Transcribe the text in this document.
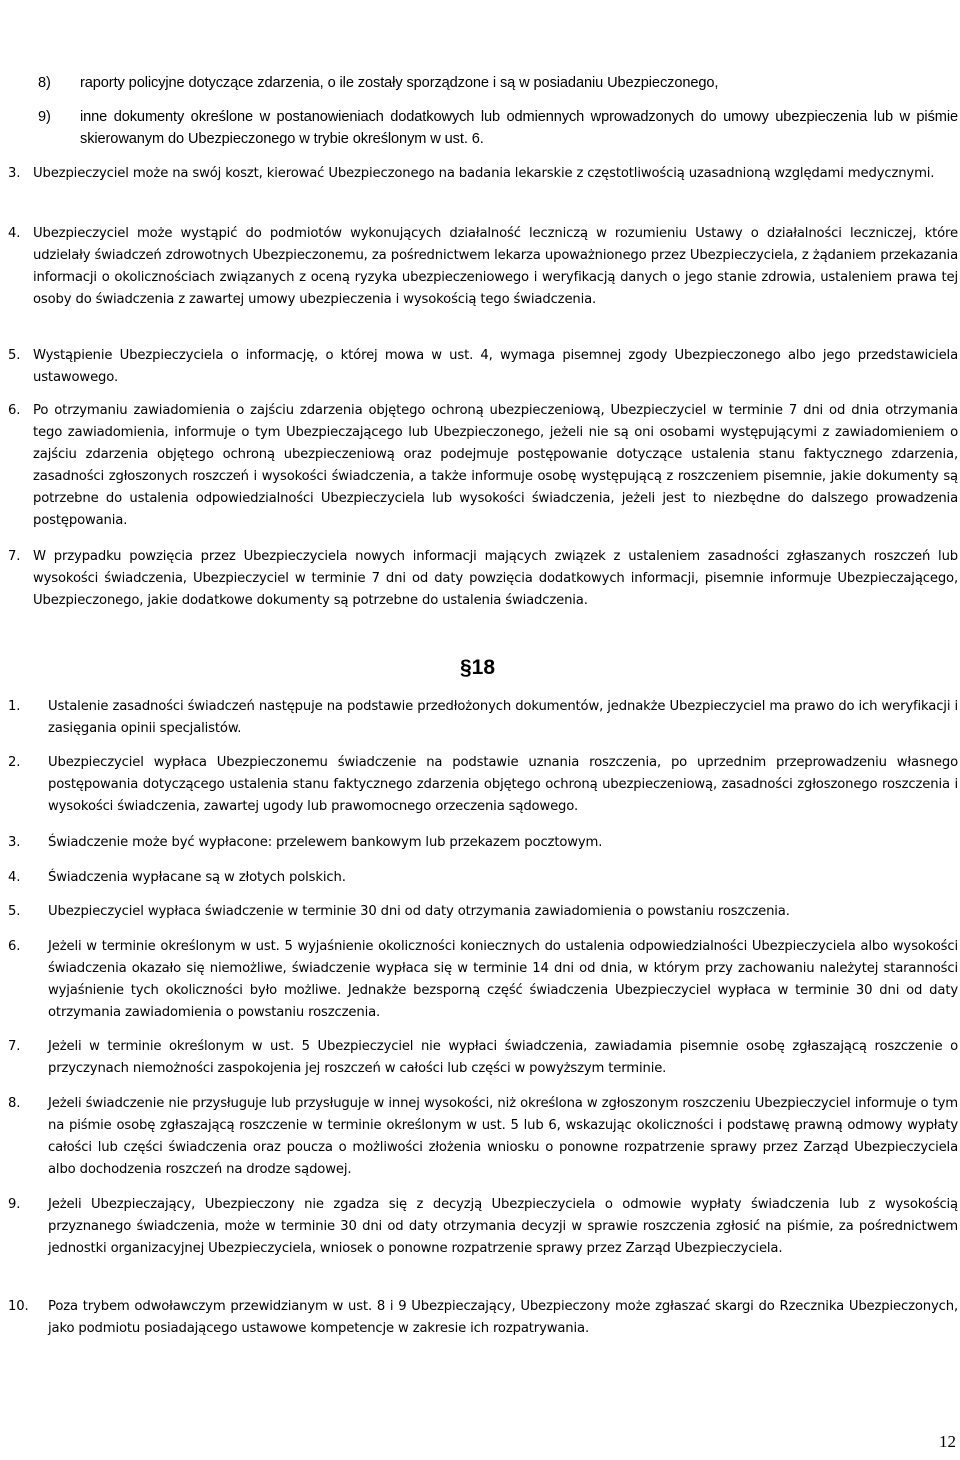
8) raporty policyjne dotyczące zdarzenia, o ile zostały sporządzone i są w posiadaniu Ubezpieczonego,
9) inne dokumenty określone w postanowieniach dodatkowych lub odmiennych wprowadzonych do umowy ubezpieczenia lub w piśmie skierowanym do Ubezpieczonego w trybie określonym w ust. 6.
3. Ubezpieczyciel może na swój koszt, kierować Ubezpieczonego na badania lekarskie z częstotliwością uzasadnioną względami medycznymi.
4. Ubezpieczyciel może wystąpić do podmiotów wykonujących działalność leczniczą w rozumieniu Ustawy o działalności leczniczej, które udzielały świadczeń zdrowotnych Ubezpieczonemu, za pośrednictwem lekarza upoważnionego przez Ubezpieczyciela, z żądaniem przekazania informacji o okolicznościach związanych z oceną ryzyka ubezpieczeniowego i weryfikacją danych o jego stanie zdrowia, ustaleniem prawa tej osoby do świadczenia z zawartej umowy ubezpieczenia i wysokością tego świadczenia.
5. Wystąpienie Ubezpieczyciela o informację, o której mowa w ust. 4, wymaga pisemnej zgody Ubezpieczonego albo jego przedstawiciela ustawowego.
6. Po otrzymaniu zawiadomienia o zajściu zdarzenia objętego ochroną ubezpieczeniową, Ubezpieczyciel w terminie 7 dni od dnia otrzymania tego zawiadomienia, informuje o tym Ubezpieczającego lub Ubezpieczonego, jeżeli nie są oni osobami występującymi z zawiadomieniem o zajściu zdarzenia objętego ochroną ubezpieczeniową oraz podejmuje postępowanie dotyczące ustalenia stanu faktycznego zdarzenia, zasadności zgłoszonych roszczeń i wysokości świadczenia, a także informuje osobę występującą z roszczeniem pisemnie, jakie dokumenty są potrzebne do ustalenia odpowiedzialności Ubezpieczyciela lub wysokości świadczenia, jeżeli jest to niezbędne do dalszego prowadzenia postępowania.
7. W przypadku powzięcia przez Ubezpieczyciela nowych informacji mających związek z ustaleniem zasadności zgłaszanych roszczeń lub wysokości świadczenia, Ubezpieczyciel w terminie 7 dni od daty powzięcia dodatkowych informacji, pisemnie informuje Ubezpieczającego, Ubezpieczonego, jakie dodatkowe dokumenty są potrzebne do ustalenia świadczenia.
§18
1. Ustalenie zasadności świadczeń następuje na podstawie przedłożonych dokumentów, jednakże Ubezpieczyciel ma prawo do ich weryfikacji i zasięgania opinii specjalistów.
2. Ubezpieczyciel wypłaca Ubezpieczonemu świadczenie na podstawie uznania roszczenia, po uprzednim przeprowadzeniu własnego postępowania dotyczącego ustalenia stanu faktycznego zdarzenia objętego ochroną ubezpieczeniową, zasadności zgłoszonego roszczenia i wysokości świadczenia, zawartej ugody lub prawomocnego orzeczenia sądowego.
3. Świadczenie może być wypłacone: przelewem bankowym lub przekazem pocztowym.
4. Świadczenia wypłacane są w złotych polskich.
5. Ubezpieczyciel wypłaca świadczenie w terminie 30 dni od daty otrzymania zawiadomienia o powstaniu roszczenia.
6. Jeżeli w terminie określonym w ust. 5 wyjaśnienie okoliczności koniecznych do ustalenia odpowiedzialności Ubezpieczyciela albo wysokości świadczenia okazało się niemożliwe, świadczenie wypłaca się w terminie 14 dni od dnia, w którym przy zachowaniu należytej staranności wyjaśnienie tych okoliczności było możliwe. Jednakże bezsporną część świadczenia Ubezpieczyciel wypłaca w terminie 30 dni od daty otrzymania zawiadomienia o powstaniu roszczenia.
7. Jeżeli w terminie określonym w ust. 5 Ubezpieczyciel nie wypłaci świadczenia, zawiadamia pisemnie osobę zgłaszającą roszczenie o przyczynach niemożności zaspokojenia jej roszczeń w całości lub części w powyższym terminie.
8. Jeżeli świadczenie nie przysługuje lub przysługuje w innej wysokości, niż określona w zgłoszonym roszczeniu Ubezpieczyciel informuje o tym na piśmie osobę zgłaszającą roszczenie w terminie określonym w ust. 5 lub 6, wskazując okoliczności i podstawę prawną odmowy wypłaty całości lub części świadczenia oraz poucza o możliwości złożenia wniosku o ponowne rozpatrzenie sprawy przez Zarząd Ubezpieczyciela albo dochodzenia roszczeń na drodze sądowej.
9. Jeżeli Ubezpieczający, Ubezpieczony nie zgadza się z decyzją Ubezpieczyciela o odmowie wypłaty świadczenia lub z wysokością przyznanego świadczenia, może w terminie 30 dni od daty otrzymania decyzji w sprawie roszczenia zgłosić na piśmie, za pośrednictwem jednostki organizacyjnej Ubezpieczyciela, wniosek o ponowne rozpatrzenie sprawy przez Zarząd Ubezpieczyciela.
10. Poza trybem odwoławczym przewidzianym w ust. 8 i 9 Ubezpieczający, Ubezpieczony może zgłaszać skargi do Rzecznika Ubezpieczonych, jako podmiotu posiadającego ustawowe kompetencje w zakresie ich rozpatrywania.
12
